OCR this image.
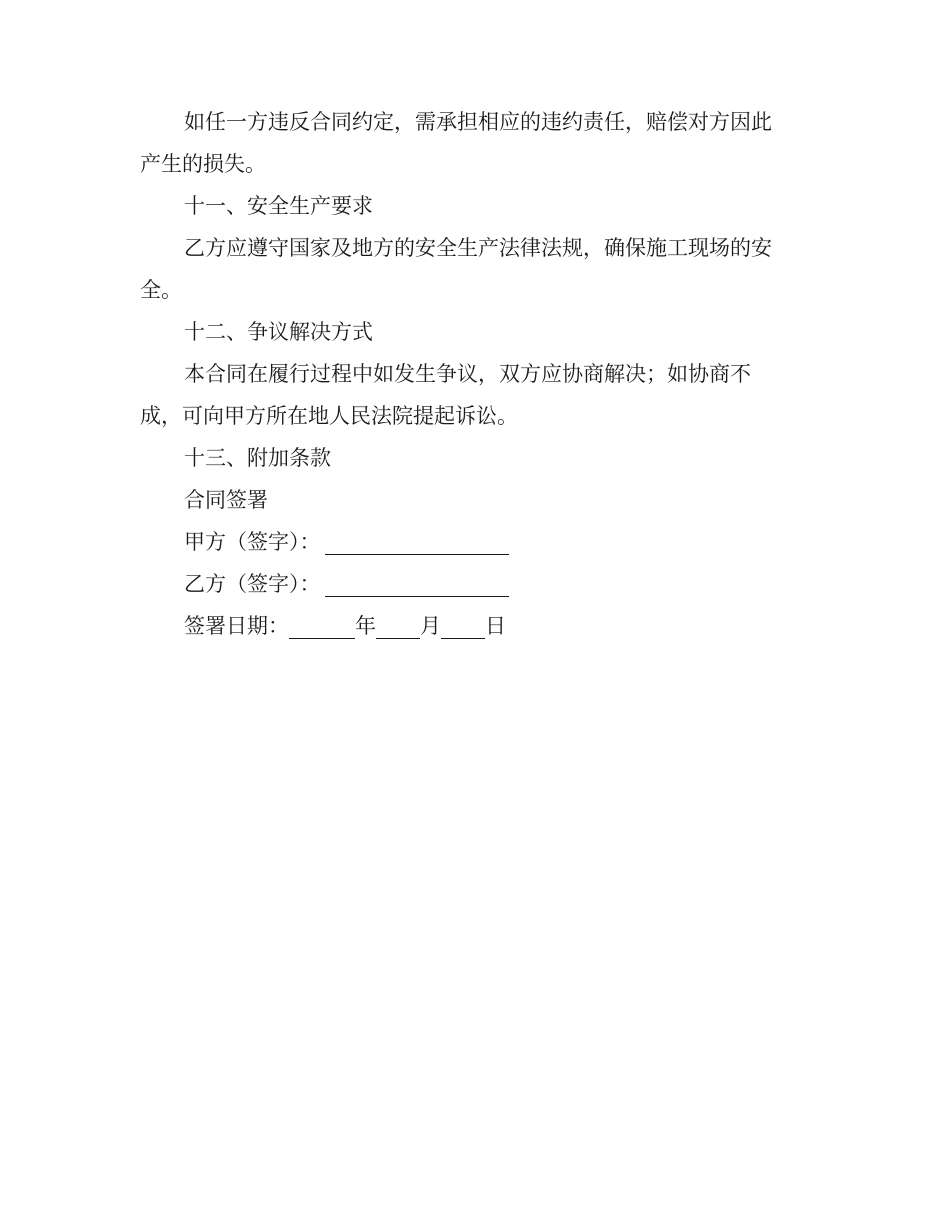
如任一方违反合同约定，需承担相应的违约责任，赔偿对方因此

产生的损失。

十一、安全生产要求

乙方应遵守国家及地方的安全生产法律法规，确保施工现场的安

全。

十二、争议解决方式

本合同在履行过程中如发生争议，双方应协商解决；如协商不

成，可向甲方所在地人民法院提起诉讼。

十三、附加条款

合同签署

甲方（签字）：

乙方（签字）：

签署日期：	年 月 日
